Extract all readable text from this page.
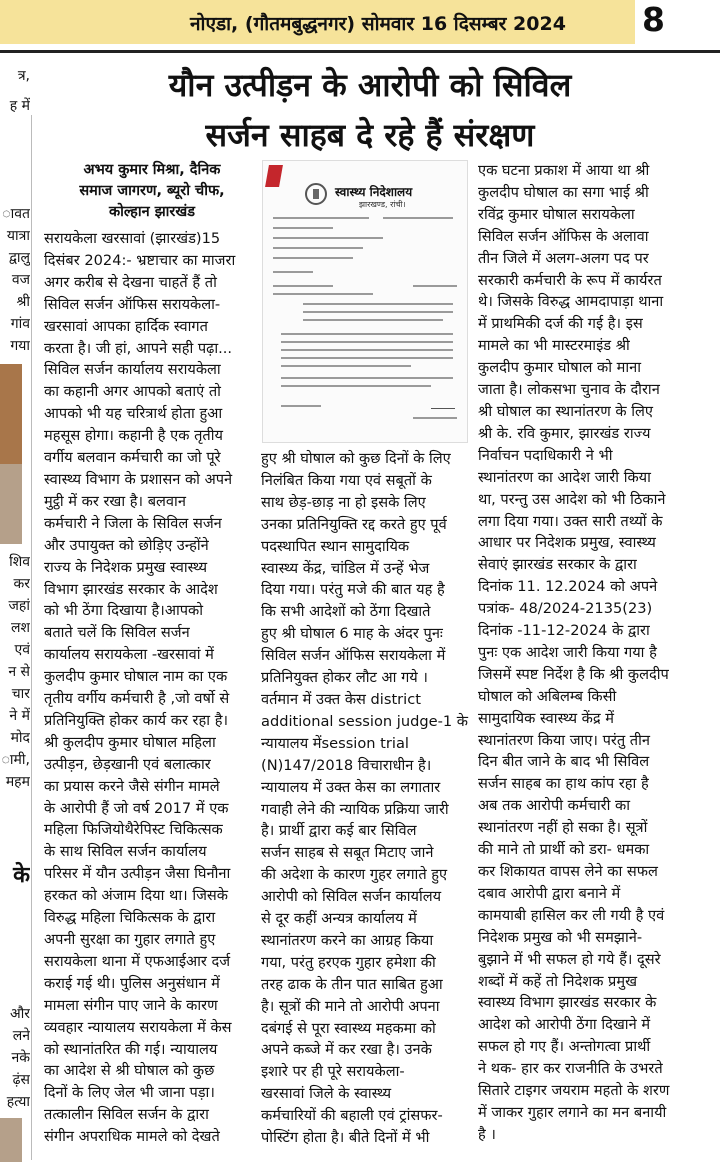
नोएडा, (गौतमबुद्धनगर) सोमवार 16 दिसम्बर 2024 8
यौन उत्पीड़न के आरोपी को सिविल
सर्जन साहब दे रहे हैं संरक्षण
त्र,
ह में
ावत
यात्रा
द्वालु
वज
श्री
गांव
गया
शिव
कर
जहां
लश
एवं
न से
चार
ने में
मोद
ामी,
महम
के
और
लने
नके
ढ़ंस
हत्या
अभय कुमार मिश्रा, दैनिक
समाज जागरण, ब्यूरो चीफ,
कोल्हान झारखंड
स्वास्थ्य निदेशालय
झारखण्ड, रांची।
सरायकेला खरसावां (झारखंड)15
दिसंबर 2024:- भ्रष्टाचार का माजरा
अगर करीब से देखना चाहतें हैं तो
सिविल सर्जन ऑफिस सरायकेला-
खरसावां आपका हार्दिक स्वागत
करता है। जी हां, आपने सही पढ़ा...
सिविल सर्जन कार्यालय सरायकेला
का कहानी अगर आपको बताएं तो
आपको भी यह चरित्रार्थ होता हुआ
महसूस होगा। कहानी है एक तृतीय
वर्गीय बलवान कर्मचारी का जो पूरे
स्वास्थ्य विभाग के प्रशासन को अपने
मुट्ठी में कर रखा है। बलवान
कर्मचारी ने जिला के सिविल सर्जन
और उपायुक्त को छोड़िए उन्होंने
राज्य के निदेशक प्रमुख स्वास्थ्य
विभाग झारखंड सरकार के आदेश
को भी ठेंगा दिखाया है।आपको
बताते चलें कि सिविल सर्जन
कार्यालय सरायकेला -खरसावां में
कुलदीप कुमार घोषाल नाम का एक
तृतीय वर्गीय कर्मचारी है ,जो वर्षो से
प्रतिनियुक्ति होकर कार्य कर रहा है।
श्री कुलदीप कुमार घोषाल महिला
उत्पीड़न, छेड़खानी एवं बलात्कार
का प्रयास करने जैसे संगीन मामले
के आरोपी हैं जो वर्ष 2017 में एक
महिला फिजियोथैरेपिस्ट चिकित्सक
के साथ सिविल सर्जन कार्यालय
परिसर में यौन उत्पीड़न जैसा घिनौना
हरकत को अंजाम दिया था। जिसके
विरुद्ध महिला चिकित्सक के द्वारा
अपनी सुरक्षा का गुहार लगाते हुए
सरायकेला थाना में एफआईआर दर्ज
कराई गई थी। पुलिस अनुसंधान में
मामला संगीन पाए जाने के कारण
व्यवहार न्यायालय सरायकेला में केस
को स्थानांतरित की गई। न्यायालय
का आदेश से श्री घोषाल को कुछ
दिनों के लिए जेल भी जाना पड़ा।
तत्कालीन सिविल सर्जन के द्वारा
संगीन अपराधिक मामले को देखते
हुए श्री घोषाल को कुछ दिनों के लिए
निलंबित किया गया एवं सबूतों के
साथ छेड़-छाड़ ना हो इसके लिए
उनका प्रतिनियुक्ति रद्द करते हुए पूर्व
पदस्थापित स्थान सामुदायिक
स्वास्थ्य केंद्र, चांडिल में उन्हें भेज
दिया गया। परंतु मजे की बात यह है
कि सभी आदेशों को ठेंगा दिखाते
हुए श्री घोषाल 6 माह के अंदर पुनः
सिविल सर्जन ऑफिस सरायकेला में
प्रतिनियुक्त होकर लौट आ गये ।
वर्तमान में उक्त केस district
additional session judge-1 के
न्यायालय मेंsession trial
(N)147/2018 विचाराधीन है।
न्यायालय में उक्त केस का लगातार
गवाही लेने की न्यायिक प्रक्रिया जारी
है। प्रार्थी द्वारा कई बार सिविल
सर्जन साहब से सबूत मिटाए जाने
की अदेशा के कारण गुहर लगाते हुए
आरोपी को सिविल सर्जन कार्यालय
से दूर कहीं अन्यत्र कार्यालय में
स्थानांतरण करने का आग्रह किया
गया, परंतु हरएक गुहार हमेशा की
तरह ढाक के तीन पात साबित हुआ
है। सूत्रों की माने तो आरोपी अपना
दबंगई से पूरा स्वास्थ्य महकमा को
अपने कब्जे में कर रखा है। उनके
इशारे पर ही पूरे सरायकेला-
खरसावां जिले के स्वास्थ्य
कर्मचारियों की बहाली एवं ट्रांसफर-
पोस्टिंग होता है। बीते दिनों में भी
एक घटना प्रकाश में आया था श्री
कुलदीप घोषाल का सगा भाई श्री
रविंद्र कुमार घोषाल सरायकेला
सिविल सर्जन ऑफिस के अलावा
तीन जिले में अलग-अलग पद पर
सरकारी कर्मचारी के रूप में कार्यरत
थे। जिसके विरुद्ध आमदापाड़ा थाना
में प्राथमिकी दर्ज की गई है। इस
मामले का भी मास्टरमाइंड श्री
कुलदीप कुमार घोषाल को माना
जाता है। लोकसभा चुनाव के दौरान
श्री घोषाल का स्थानांतरण के लिए
श्री के. रवि कुमार, झारखंड राज्य
निर्वाचन पदाधिकारी ने भी
स्थानांतरण का आदेश जारी किया
था, परन्तु उस आदेश को भी ठिकाने
लगा दिया गया। उक्त सारी तथ्यों के
आधार पर निदेशक प्रमुख, स्वास्थ्य
सेवाएं झारखंड सरकार के द्वारा
दिनांक 11. 12.2024 को अपने
पत्रांक- 48/2024-2135(23)
दिनांक -11-12-2024 के द्वारा
पुनः एक आदेश जारी किया गया है
जिसमें स्पष्ट निर्देश है कि श्री कुलदीप
घोषाल को अबिलम्ब किसी
सामुदायिक स्वास्थ्य केंद्र में
स्थानांतरण किया जाए। परंतु तीन
दिन बीत जाने के बाद भी सिविल
सर्जन साहब का हाथ कांप रहा है
अब तक आरोपी कर्मचारी का
स्थानांतरण नहीं हो सका है। सूत्रों
की माने तो प्रार्थी को डरा- धमका
कर शिकायत वापस लेने का सफल
दबाव आरोपी द्वारा बनाने में
कामयाबी हासिल कर ली गयी है एवं
निदेशक प्रमुख को भी समझाने-
बुझाने में भी सफल हो गये हैं। दूसरे
शब्दों में कहें तो निदेशक प्रमुख
स्वास्थ्य विभाग झारखंड सरकार के
आदेश को आरोपी ठेंगा दिखाने में
सफल हो गए हैं। अन्तोगत्वा प्रार्थी
ने थक- हार कर राजनीति के उभरते
सितारे टाइगर जयराम महतो के शरण
में जाकर गुहार लगाने का मन बनायी
है ।
